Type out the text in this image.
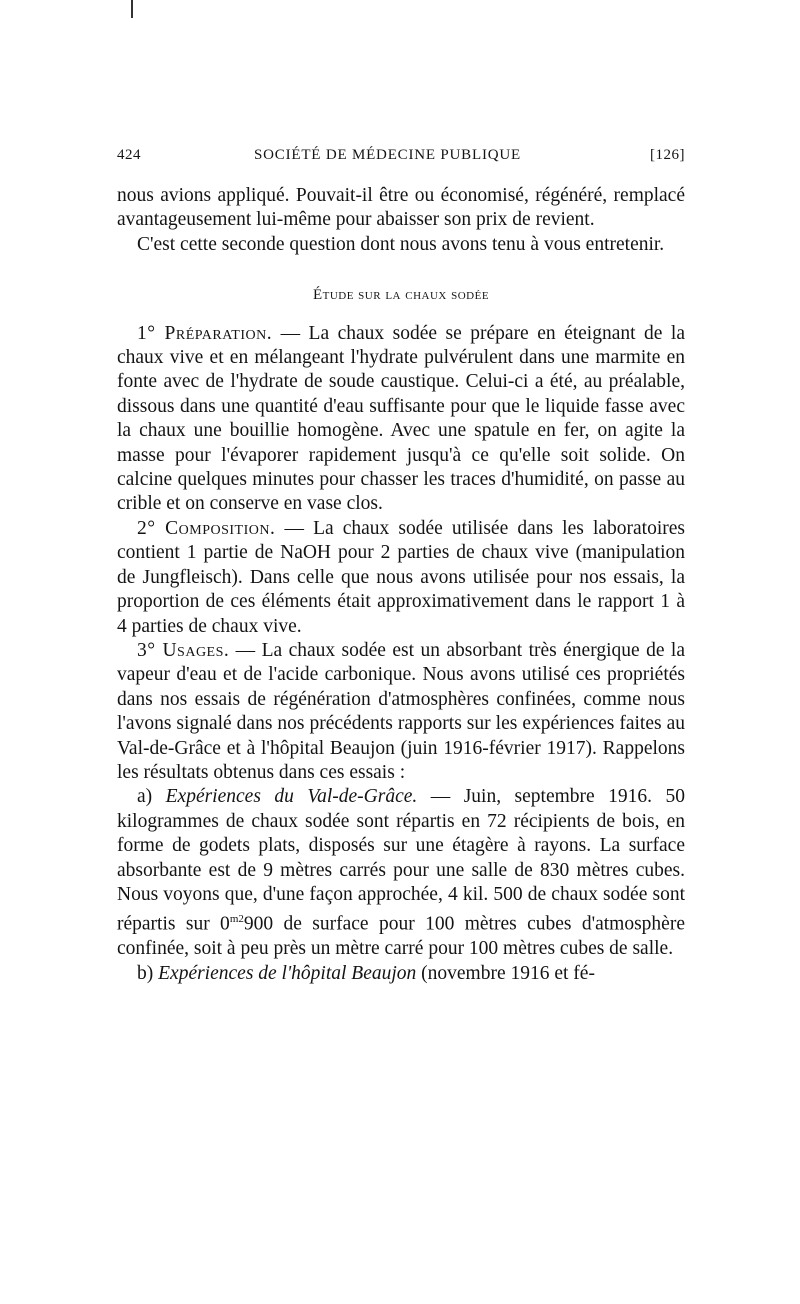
424	SOCIÉTÉ DE MÉDECINE PUBLIQUE	[126]

nous avions appliqué. Pouvait-il être ou économisé, régénéré, remplacé avantageusement lui-même pour abaisser son prix de revient.

C'est cette seconde question dont nous avons tenu à vous entretenir.

Étude sur la chaux sodée

1° Préparation. — La chaux sodée se prépare en éteignant de la chaux vive et en mélangeant l'hydrate pulvérulent dans une marmite en fonte avec de l'hydrate de soude caustique. Celui-ci a été, au préalable, dissous dans une quantité d'eau suffisante pour que le liquide fasse avec la chaux une bouillie homogène. Avec une spatule en fer, on agite la masse pour l'évaporer rapidement jusqu'à ce qu'elle soit solide. On calcine quelques minutes pour chasser les traces d'humidité, on passe au crible et on conserve en vase clos.

2° Composition. — La chaux sodée utilisée dans les laboratoires contient 1 partie de NaOH pour 2 parties de chaux vive (manipulation de Jungfleisch). Dans celle que nous avons utilisée pour nos essais, la proportion de ces éléments était approximativement dans le rapport 1 à 4 parties de chaux vive.

3° Usages. — La chaux sodée est un absorbant très énergique de la vapeur d'eau et de l'acide carbonique. Nous avons utilisé ces propriétés dans nos essais de régénération d'atmosphères confinées, comme nous l'avons signalé dans nos précédents rapports sur les expériences faites au Val-de-Grâce et à l'hôpital Beaujon (juin 1916-février 1917). Rappelons les résultats obtenus dans ces essais :

a) Expériences du Val-de-Grâce. — Juin, septembre 1916. 50 kilogrammes de chaux sodée sont répartis en 72 récipients de bois, en forme de godets plats, disposés sur une étagère à rayons. La surface absorbante est de 9 mètres carrés pour une salle de 830 mètres cubes. Nous voyons que, d'une façon approchée, 4 kil. 500 de chaux sodée sont répartis sur $0^{m2}900$ de surface pour 100 mètres cubes d'atmosphère confinée, soit à peu près un mètre carré pour 100 mètres cubes de salle.

b) Expériences de l'hôpital Beaujon (novembre 1916 et fé-
